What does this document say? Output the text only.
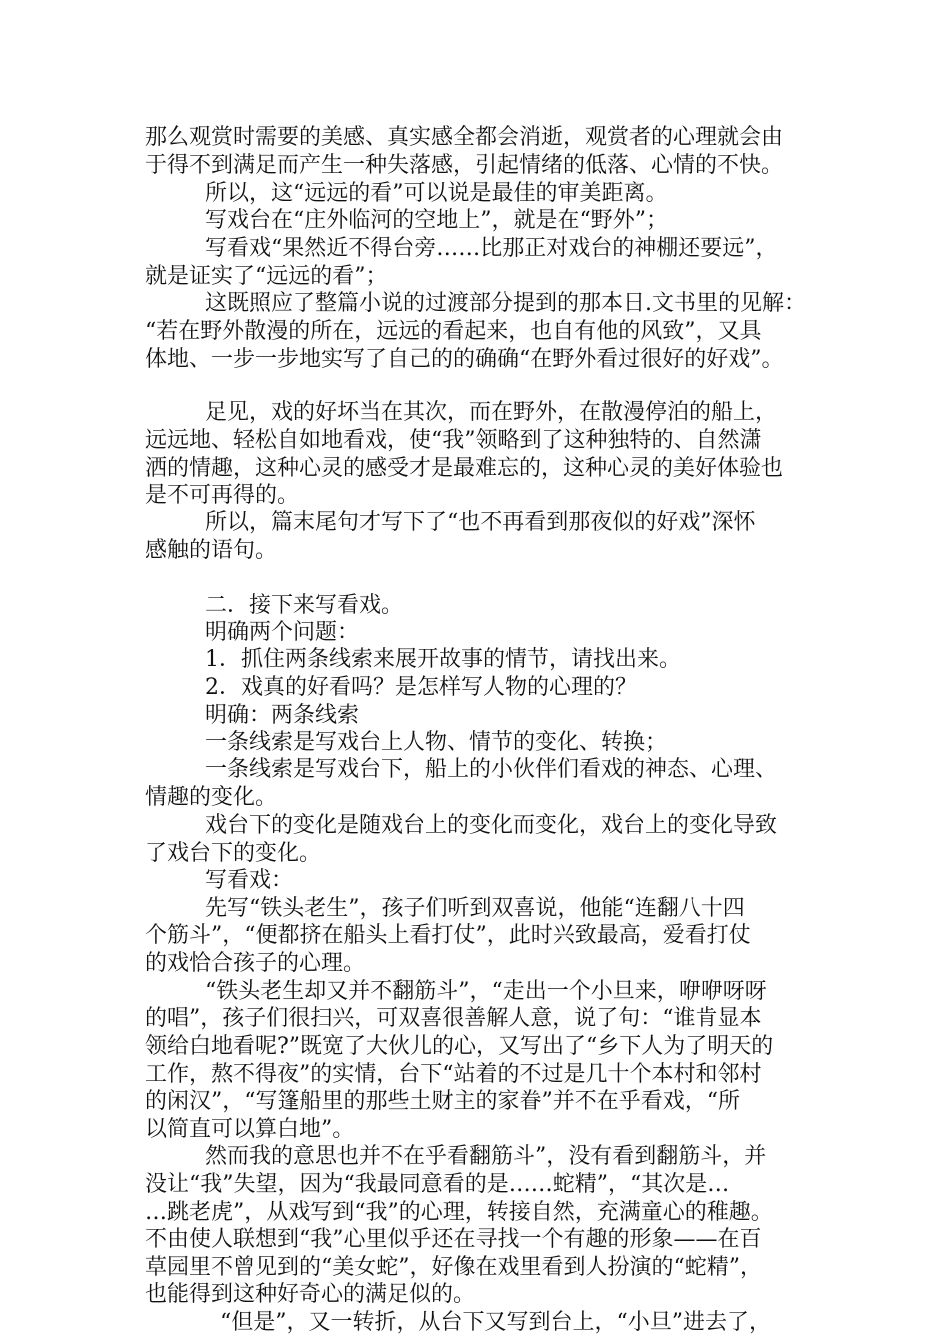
那么观赏时需要的美感、真实感全都会消逝，观赏者的心理就会由
于得不到满足而产生一种失落感，引起情绪的低落、心情的不快。
所以，这“远远的看”可以说是最佳的审美距离。
写戏台在“庄外临河的空地上”，就是在“野外”；
写看戏“果然近不得台旁……比那正对戏台的神棚还要远”，
就是证实了“远远的看”；
这既照应了整篇小说的过渡部分提到的那本日.文书里的见解：
“若在野外散漫的所在，远远的看起来，也自有他的风致”，又具
体地、一步一步地实写了自己的的确确“在野外看过很好的好戏”。
足见，戏的好坏当在其次，而在野外，在散漫停泊的船上，
远远地、轻松自如地看戏，使“我”领略到了这种独特的、自然潇
洒的情趣，这种心灵的感受才是最难忘的，这种心灵的美好体验也
是不可再得的。
所以，篇末尾句才写下了“也不再看到那夜似的好戏”深怀
感触的语句。
二．接下来写看戏。
明确两个问题：
1．抓住两条线索来展开故事的情节，请找出来。
2．戏真的好看吗？是怎样写人物的心理的？
明确：两条线索
一条线索是写戏台上人物、情节的变化、转换；
一条线索是写戏台下，船上的小伙伴们看戏的神态、心理、
情趣的变化。
戏台下的变化是随戏台上的变化而变化，戏台上的变化导致
了戏台下的变化。
写看戏：
先写“铁头老生”，孩子们听到双喜说，他能“连翻八十四
个筋斗”，“便都挤在船头上看打仗”，此时兴致最高，爱看打仗
的戏恰合孩子的心理。
“铁头老生却又并不翻筋斗”，“走出一个小旦来，咿咿呀呀
的唱”，孩子们很扫兴，可双喜很善解人意，说了句：“谁肯显本
领给白地看呢?”既宽了大伙儿的心，又写出了“乡下人为了明天的
工作，熬不得夜”的实情，台下“站着的不过是几十个本村和邻村
的闲汉”，“写篷船里的那些土财主的家眷”并不在乎看戏，“所
以简直可以算白地”。
然而我的意思也并不在乎看翻筋斗”，没有看到翻筋斗，并
没让“我”失望，因为“我最同意看的是……蛇精”，“其次是…
…跳老虎”，从戏写到“我”的心理，转接自然，充满童心的稚趣。
不由使人联想到“我”心里似乎还在寻找一个有趣的形象——在百
草园里不曾见到的“美女蛇”，好像在戏里看到人扮演的“蛇精”，
也能得到这种好奇心的满足似的。
“但是”，又一转折，从台下又写到台上，“小旦”进去了，
